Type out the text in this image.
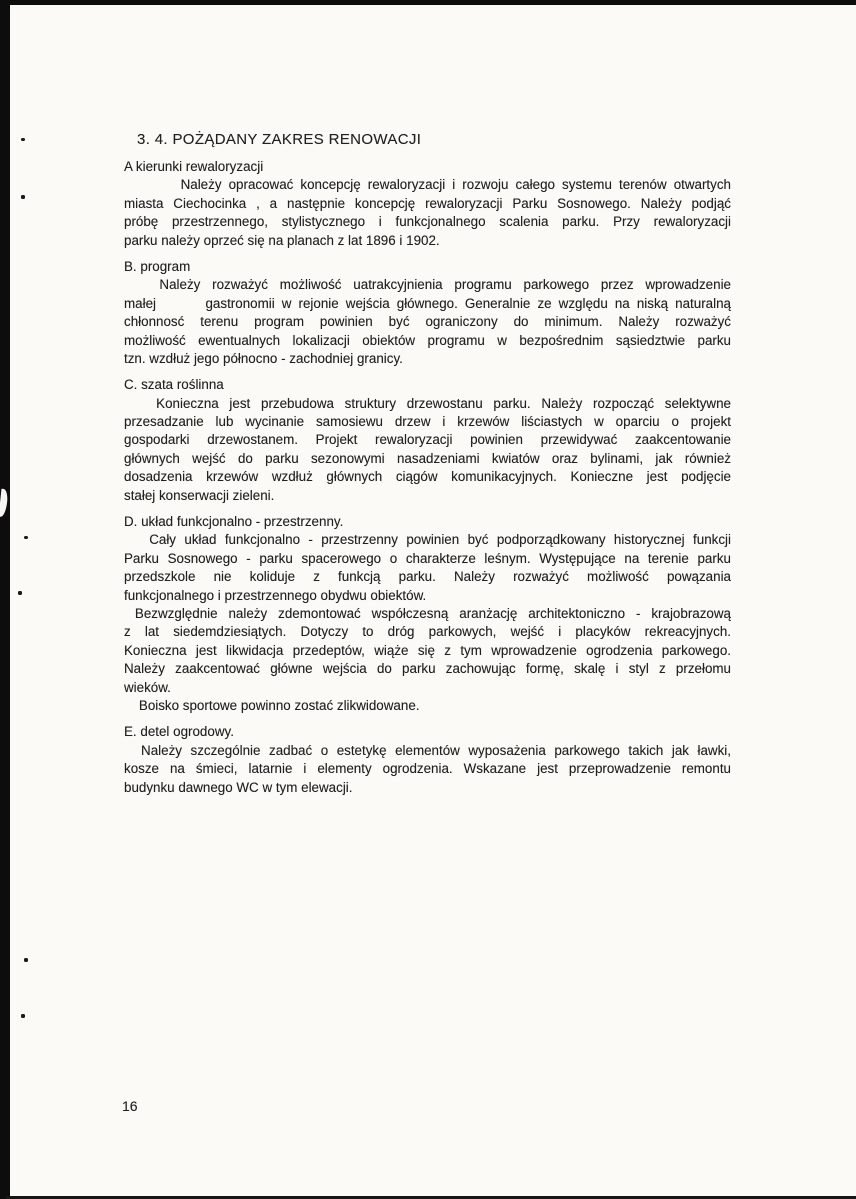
3. 4. POŻĄDANY ZAKRES RENOWACJI
A kierunki rewaloryzacji
Należy opracować koncepcję rewaloryzacji i rozwoju całego systemu terenów otwartych
miasta Ciechocinka , a następnie koncepcję rewaloryzacji Parku Sosnowego. Należy podjąć
próbę przestrzennego, stylistycznego i funkcjonalnego scalenia parku. Przy rewaloryzacji
parku należy oprzeć się na planach z lat 1896 i 1902.
B. program
Należy rozważyć możliwość uatrakcyjnienia programu parkowego przez wprowadzenie
małej       gastronomii w rejonie wejścia głównego. Generalnie ze względu na niską naturalną
chłonnosć terenu program powinien być ograniczony do minimum. Należy rozważyć
możliwość ewentualnych lokalizacji obiektów programu w bezpośrednim sąsiedztwie parku
tzn. wzdłuż jego północno - zachodniej granicy.
C. szata roślinna
Konieczna jest przebudowa struktury drzewostanu parku. Należy rozpocząć selektywne
przesadzanie lub wycinanie samosiewu drzew i krzewów liściastych w oparciu o projekt
gospodarki drzewostanem. Projekt rewaloryzacji powinien przewidywać zaakcentowanie
głównych wejść do parku sezonowymi nasadzeniami kwiatów oraz bylinami, jak również
dosadzenia krzewów wzdłuż głównych ciągów komunikacyjnych. Konieczne jest podjęcie
stałej konserwacji zieleni.
D. układ funkcjonalno - przestrzenny.
Cały układ funkcjonalno - przestrzenny powinien być podporządkowany historycznej funkcji
Parku Sosnowego - parku spacerowego o charakterze leśnym. Występujące na terenie parku
przedszkole nie koliduje z funkcją parku. Należy rozważyć możliwość powązania
funkcjonalnego i przestrzennego obydwu obiektów.
Bezwzględnie należy zdemontować współczesną aranżację architektoniczno - krajobrazową
z lat siedemdziesiątych. Dotyczy to dróg parkowych, wejść i placyków rekreacyjnych.
Konieczna jest likwidacja przedeptów, wiąże się z tym wprowadzenie ogrodzenia parkowego.
Należy zaakcentować główne wejścia do parku zachowując formę, skalę i styl z przełomu
wieków.
Boisko sportowe powinno zostać zlikwidowane.
E. detel ogrodowy.
Należy szczególnie zadbać o estetykę elementów wyposażenia parkowego takich jak ławki,
kosze na śmieci, latarnie i elementy ogrodzenia. Wskazane jest przeprowadzenie remontu
budynku dawnego WC w tym elewacji.
16
